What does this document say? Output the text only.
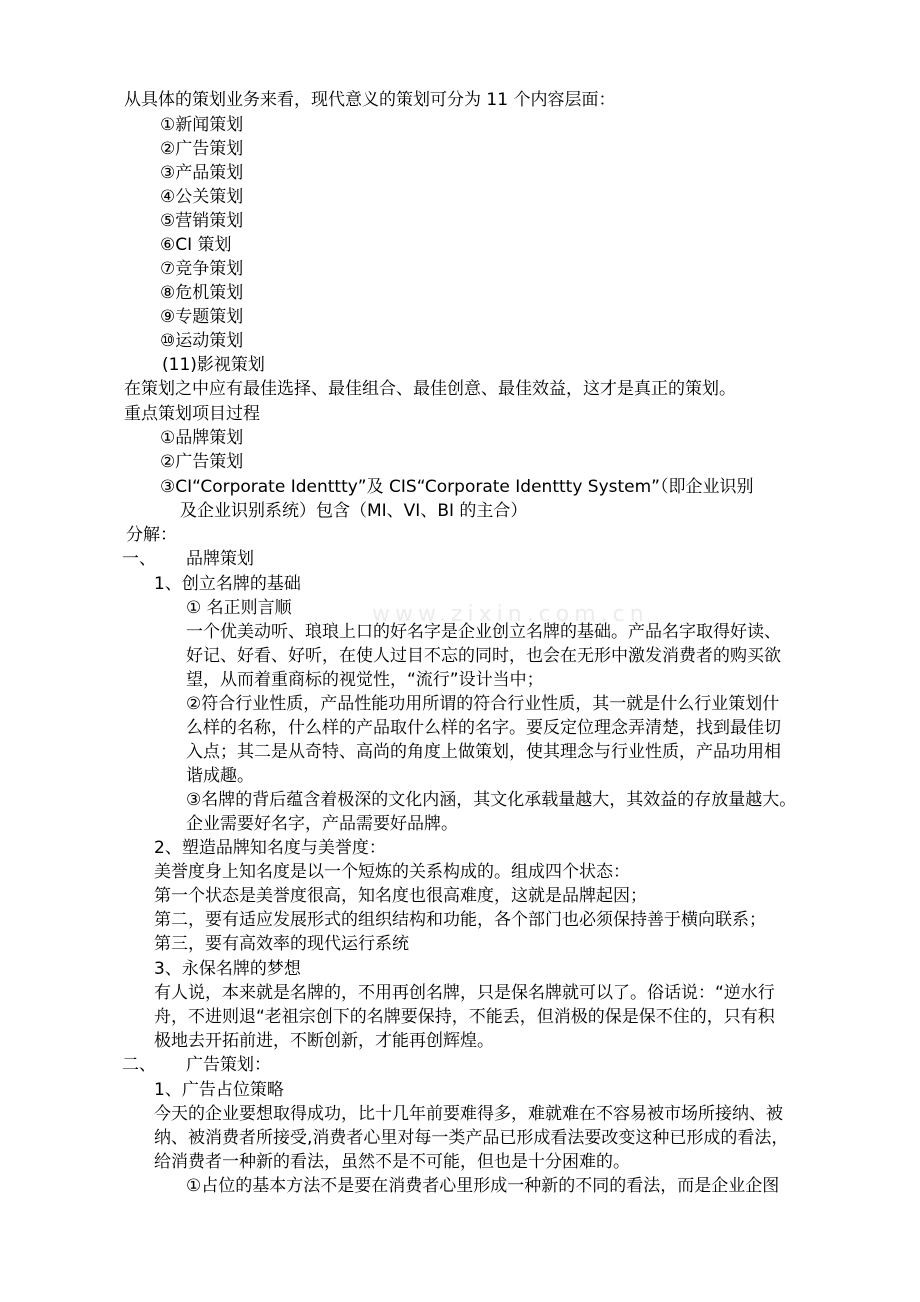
www.zixin.com.cn
从具体的策划业务来看，现代意义的策划可分为 11 个内容层面：
①新闻策划
②广告策划
③产品策划
④公关策划
⑤营销策划
⑥CI 策划
⑦竞争策划
⑧危机策划
⑨专题策划
⑩运动策划
(11)影视策划
在策划之中应有最佳选择、最佳组合、最佳创意、最佳效益，这才是真正的策划。
重点策划项目过程
①品牌策划
②广告策划
③CI“Corporate Identtty”及 CIS“Corporate Identtty System”（即企业识别
及企业识别系统）包含（MI、VI、BI 的主合）
分解：
一、 品牌策划
1、创立名牌的基础
① 名正则言顺
一个优美动听、琅琅上口的好名字是企业创立名牌的基础。产品名字取得好读、
好记、好看、好听，在使人过目不忘的同时，也会在无形中激发消费者的购买欲
望，从而着重商标的视觉性，“流行”设计当中；
②符合行业性质，产品性能功用所谓的符合行业性质，其一就是什么行业策划什
么样的名称，什么样的产品取什么样的名字。要反定位理念弄清楚，找到最佳切
入点；其二是从奇特、高尚的角度上做策划，使其理念与行业性质，产品功用相
谐成趣。
③名牌的背后蕴含着极深的文化内涵，其文化承载量越大，其效益的存放量越大。
企业需要好名字，产品需要好品牌。
2、塑造品牌知名度与美誉度：
美誉度身上知名度是以一个短炼的关系构成的。组成四个状态：
第一个状态是美誉度很高，知名度也很高难度，这就是品牌起因；
第二，要有适应发展形式的组织结构和功能，各个部门也必须保持善于横向联系；
第三，要有高效率的现代运行系统
3、永保名牌的梦想
有人说，本来就是名牌的，不用再创名牌，只是保名牌就可以了。俗话说：“逆水行
舟，不进则退“老祖宗创下的名牌要保持，不能丢，但消极的保是保不住的，只有积
极地去开拓前进，不断创新，才能再创辉煌。
二、 广告策划：
1、广告占位策略
今天的企业要想取得成功，比十几年前要难得多，难就难在不容易被市场所接纳、被
纳、被消费者所接受,消费者心里对每一类产品已形成看法要改变这种已形成的看法，
给消费者一种新的看法，虽然不是不可能，但也是十分困难的。
①占位的基本方法不是要在消费者心里形成一种新的不同的看法，而是企业企图
